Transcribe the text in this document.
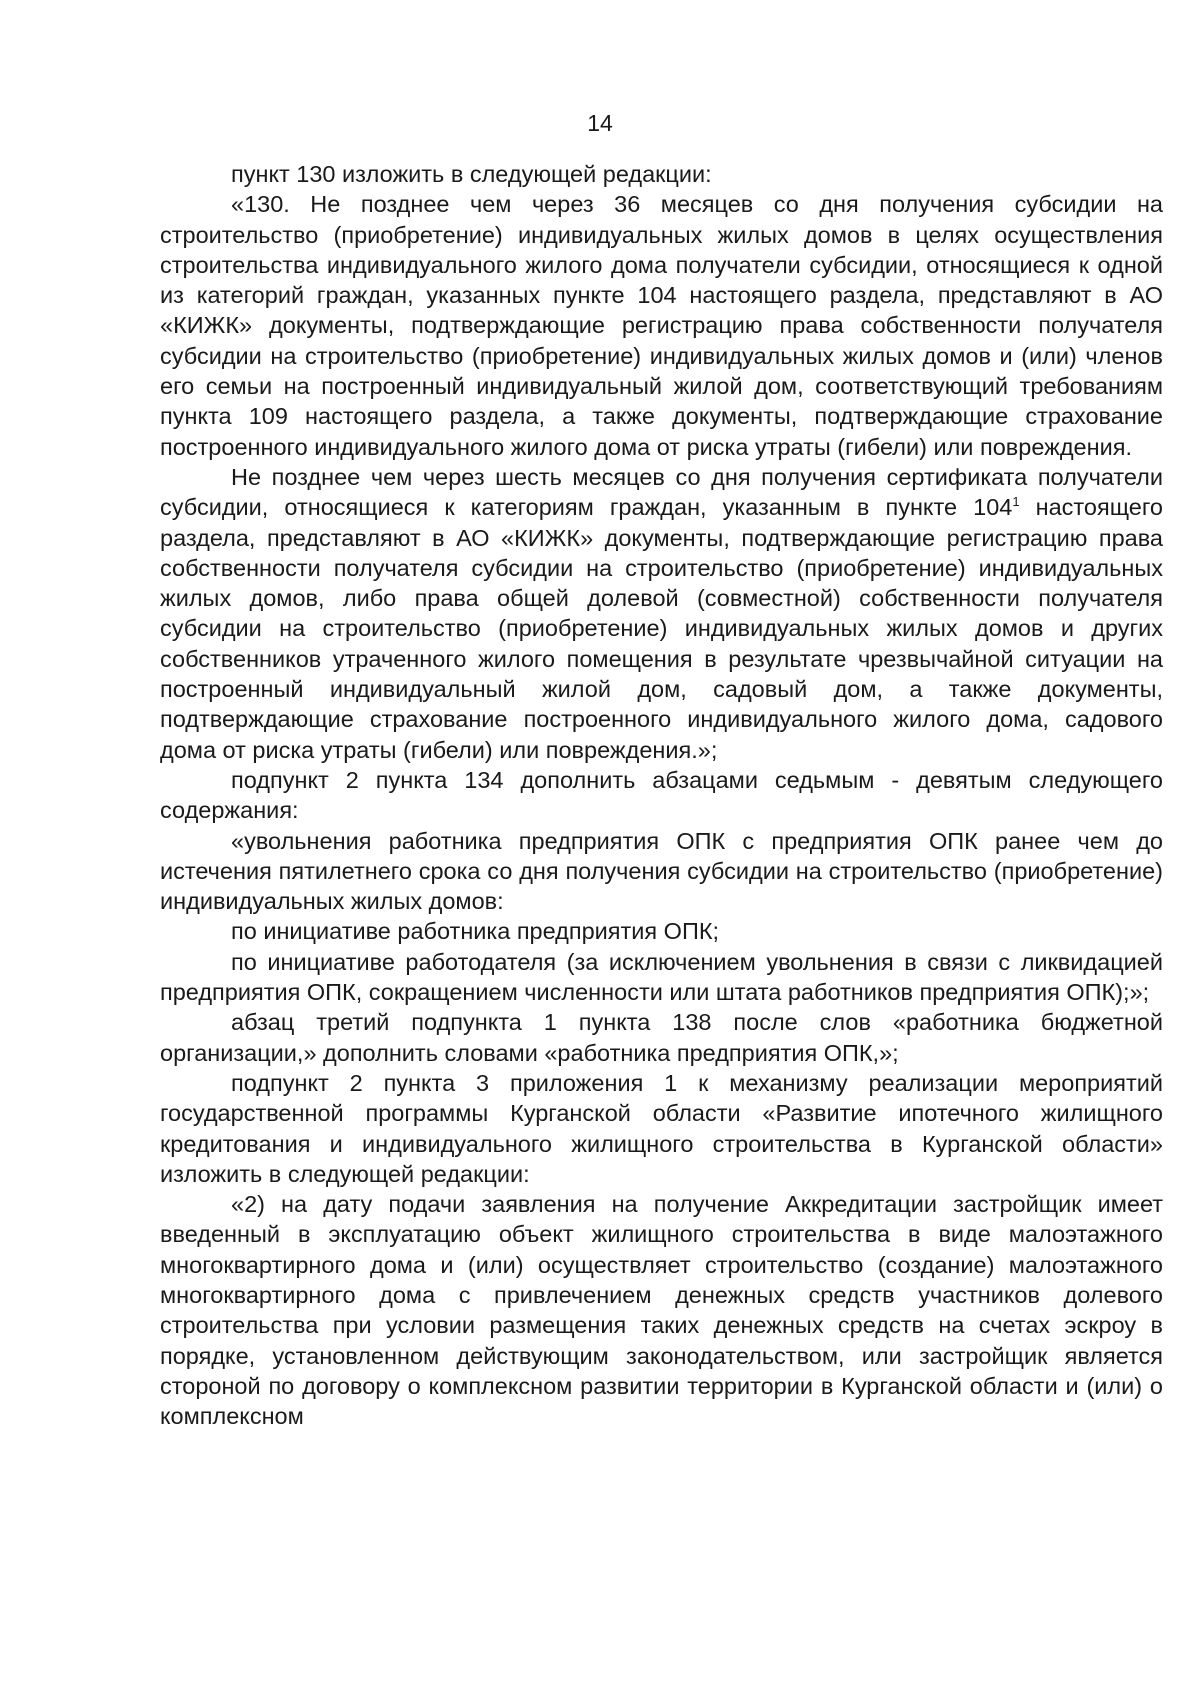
14

пункт 130 изложить в следующей редакции:

«130. Не позднее чем через 36 месяцев со дня получения субсидии на строительство (приобретение) индивидуальных жилых домов в целях осуществления строительства индивидуального жилого дома получатели субсидии, относящиеся к одной из категорий граждан, указанных пункте 104 настоящего раздела, представляют в АО «КИЖК» документы, подтверждающие регистрацию права собственности получателя субсидии на строительство (приобретение) индивидуальных жилых домов и (или) членов его семьи на построенный индивидуальный жилой дом, соответствующий требованиям пункта 109 настоящего раздела, а также документы, подтверждающие страхование построенного индивидуального жилого дома от риска утраты (гибели) или повреждения.

Не позднее чем через шесть месяцев со дня получения сертификата получатели субсидии, относящиеся к категориям граждан, указанным в пункте $104^1$ настоящего раздела, представляют в АО «КИЖК» документы, подтверждающие регистрацию права собственности получателя субсидии на строительство (приобретение) индивидуальных жилых домов, либо права общей долевой (совместной) собственности получателя субсидии на строительство (приобретение) индивидуальных жилых домов и других собственников утраченного жилого помещения в результате чрезвычайной ситуации на построенный индивидуальный жилой дом, садовый дом, а также документы, подтверждающие страхование построенного индивидуального жилого дома, садового дома от риска утраты (гибели) или повреждения.»;

подпункт 2 пункта 134 дополнить абзацами седьмым - девятым следующего содержания:

«увольнения работника предприятия ОПК с предприятия ОПК ранее чем до истечения пятилетнего срока со дня получения субсидии на строительство (приобретение) индивидуальных жилых домов:

по инициативе работника предприятия ОПК;

по инициативе работодателя (за исключением увольнения в связи с ликвидацией предприятия ОПК, сокращением численности или штата работников предприятия ОПК);»;

абзац третий подпункта 1 пункта 138 после слов «работника бюджетной организации,» дополнить словами «работника предприятия ОПК,»;

подпункт 2 пункта 3 приложения 1 к механизму реализации мероприятий государственной программы Курганской области «Развитие ипотечного жилищного кредитования и индивидуального жилищного строительства в Курганской области» изложить в следующей редакции:

«2) на дату подачи заявления на получение Аккредитации застройщик имеет введенный в эксплуатацию объект жилищного строительства в виде малоэтажного многоквартирного дома и (или) осуществляет строительство (создание) малоэтажного многоквартирного дома с привлечением денежных средств участников долевого строительства при условии размещения таких денежных средств на счетах эскроу в порядке, установленном действующим законодательством, или застройщик является стороной по договору о комплексном развитии территории в Курганской области и (или) о комплексном
